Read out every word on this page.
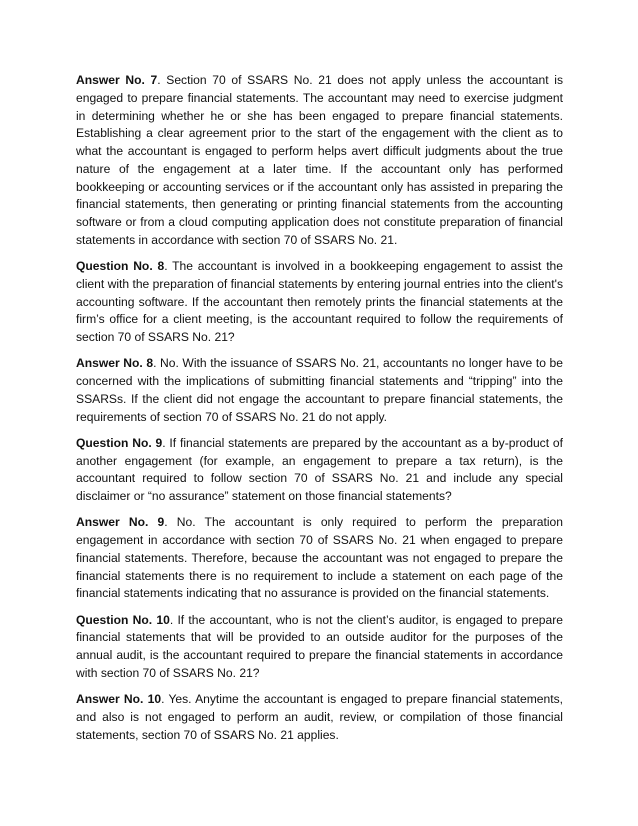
Answer No. 7. Section 70 of SSARS No. 21 does not apply unless the accountant is engaged to prepare financial statements. The accountant may need to exercise judgment in determining whether he or she has been engaged to prepare financial statements. Establishing a clear agreement prior to the start of the engagement with the client as to what the accountant is engaged to perform helps avert difficult judgments about the true nature of the engagement at a later time. If the accountant only has performed bookkeeping or accounting services or if the accountant only has assisted in preparing the financial statements, then generating or printing financial statements from the accounting software or from a cloud computing application does not constitute preparation of financial statements in accordance with section 70 of SSARS No. 21.

Question No. 8. The accountant is involved in a bookkeeping engagement to assist the client with the preparation of financial statements by entering journal entries into the client's accounting software. If the accountant then remotely prints the financial statements at the firm’s office for a client meeting, is the accountant required to follow the requirements of section 70 of SSARS No. 21?

Answer No. 8. No. With the issuance of SSARS No. 21, accountants no longer have to be concerned with the implications of submitting financial statements and “tripping” into the SSARSs. If the client did not engage the accountant to prepare financial statements, the requirements of section 70 of SSARS No. 21 do not apply.

Question No. 9. If financial statements are prepared by the accountant as a by-product of another engagement (for example, an engagement to prepare a tax return), is the accountant required to follow section 70 of SSARS No. 21 and include any special disclaimer or “no assurance” statement on those financial statements?

Answer No. 9. No. The accountant is only required to perform the preparation engagement in accordance with section 70 of SSARS No. 21 when engaged to prepare financial statements. Therefore, because the accountant was not engaged to prepare the financial statements there is no requirement to include a statement on each page of the financial statements indicating that no assurance is provided on the financial statements.

Question No. 10. If the accountant, who is not the client’s auditor, is engaged to prepare financial statements that will be provided to an outside auditor for the purposes of the annual audit, is the accountant required to prepare the financial statements in accordance with section 70 of SSARS No. 21?

Answer No. 10. Yes. Anytime the accountant is engaged to prepare financial statements, and also is not engaged to perform an audit, review, or compilation of those financial statements, section 70 of SSARS No. 21 applies.
